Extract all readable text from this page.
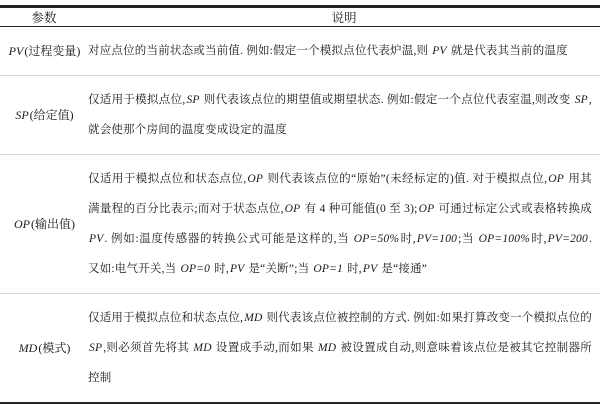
参数	说明
PV(过程变量) 对应点位的当前状态或当前值. 例如:假定一个模拟点位代表炉温,则 PV 就是代表其当前的温度
SP(给定值)
仅适用于模拟点位,SP 则代表该点位的期望值或期望状态. 例如:假定一个点位代表室温,则改变 SP,就会使那个房间的温度变成设定的温度
OP(输出值)
仅适用于模拟点位和状态点位,OP 则代表该点位的“原始”(未经标定的)值. 对于模拟点位,OP 用其满量程的百分比表示;而对于状态点位,OP 有 4 种可能值(0 至 3);OP 可通过标定公式或表格转换成 PV. 例如:温度传感器的转换公式可能是这样的,当 OP=50%时,PV=100;当 OP=100%时,PV=200. 又如:电气开关,当 OP=0 时,PV 是“关断”;当 OP=1 时,PV 是“接通”
MD(模式)
仅适用于模拟点位和状态点位,MD 则代表该点位被控制的方式. 例如:如果打算改变一个模拟点位的 SP,则必须首先将其 MD 设置成手动,而如果 MD 被设置成自动,则意味着该点位是被其它控制器所控制
